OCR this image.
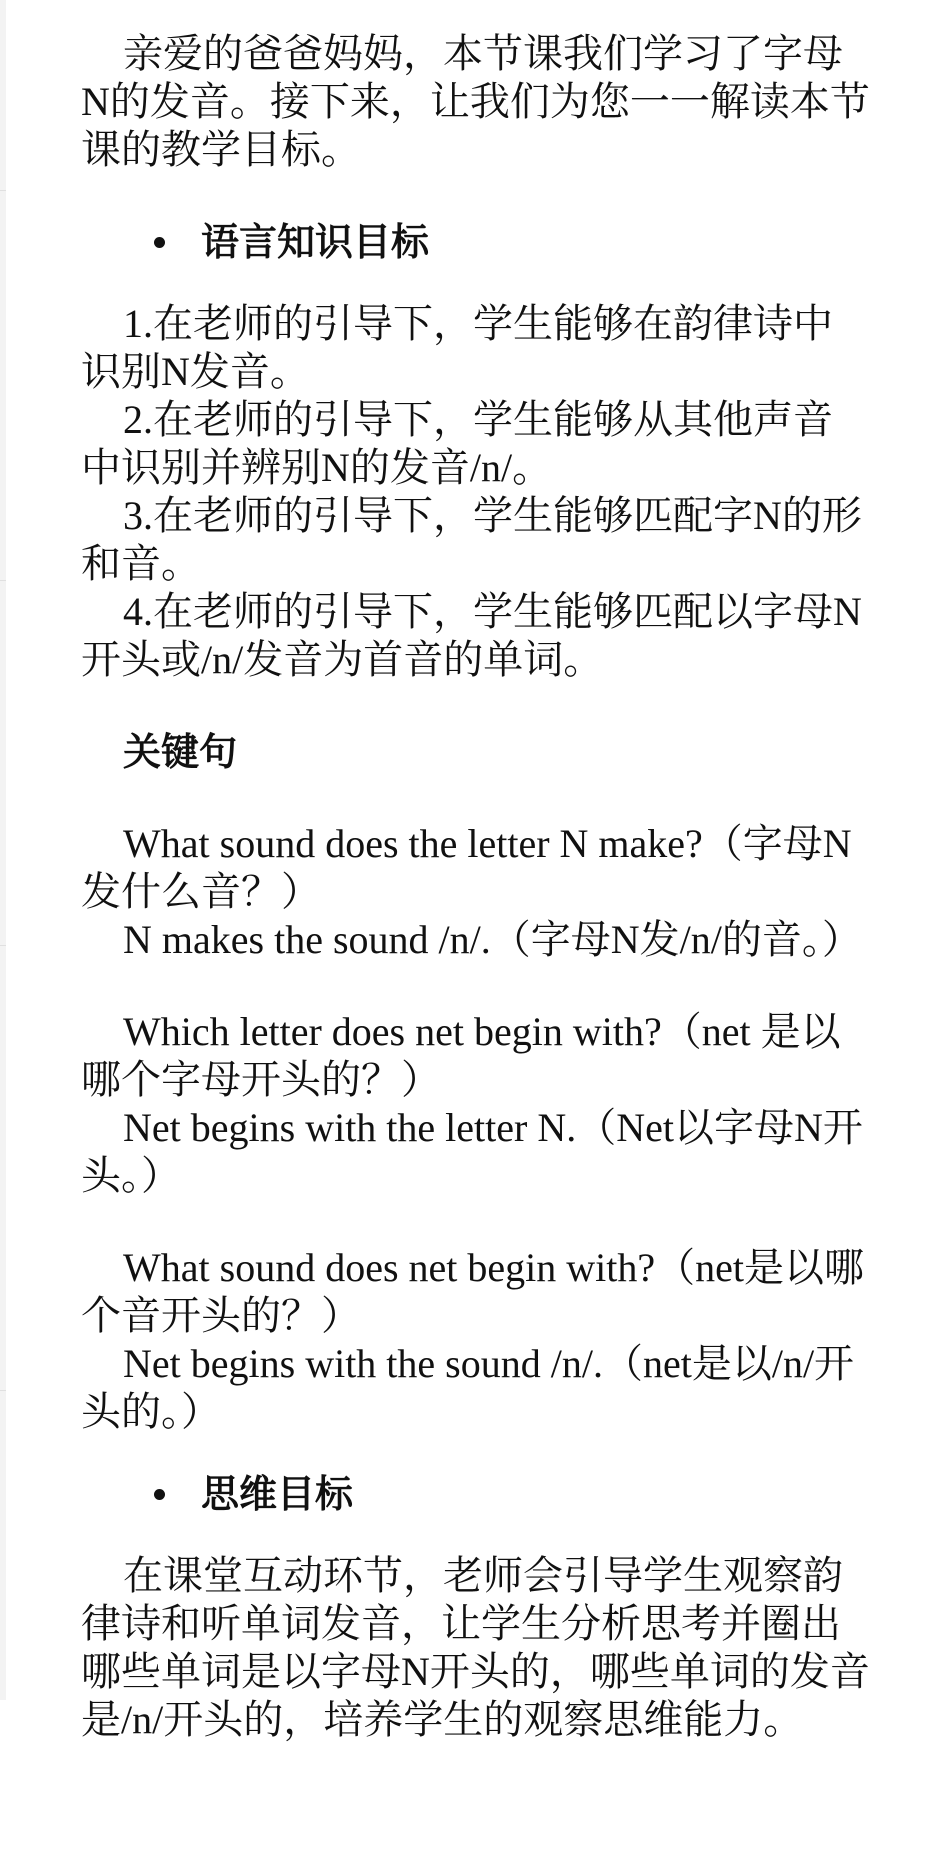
亲爱的爸爸妈妈，本节课我们学习了字母N的发音。接下来，让我们为您一一解读本节课的教学目标。

语言知识目标

1.在老师的引导下，学生能够在韵律诗中识别N发音。

2.在老师的引导下，学生能够从其他声音中识别并辨别N的发音/n/。

3.在老师的引导下，学生能够匹配字N的形和音。

4.在老师的引导下，学生能够匹配以字母N开头或/n/发音为首音的单词。

关键句

What sound does the letter N make?（字母N发什么音？）

N makes the sound /n/.（字母N发/n/的音。）

Which letter does net begin with?（net 是以哪个字母开头的？）

Net begins with the letter N.（Net以字母N开头。）

What sound does net begin with?（net是以哪个音开头的？）

Net begins with the sound /n/.（net是以/n/开头的。）

思维目标

在课堂互动环节，老师会引导学生观察韵律诗和听单词发音，让学生分析思考并圈出哪些单词是以字母N开头的，哪些单词的发音是/n/开头的，培养学生的观察思维能力。
